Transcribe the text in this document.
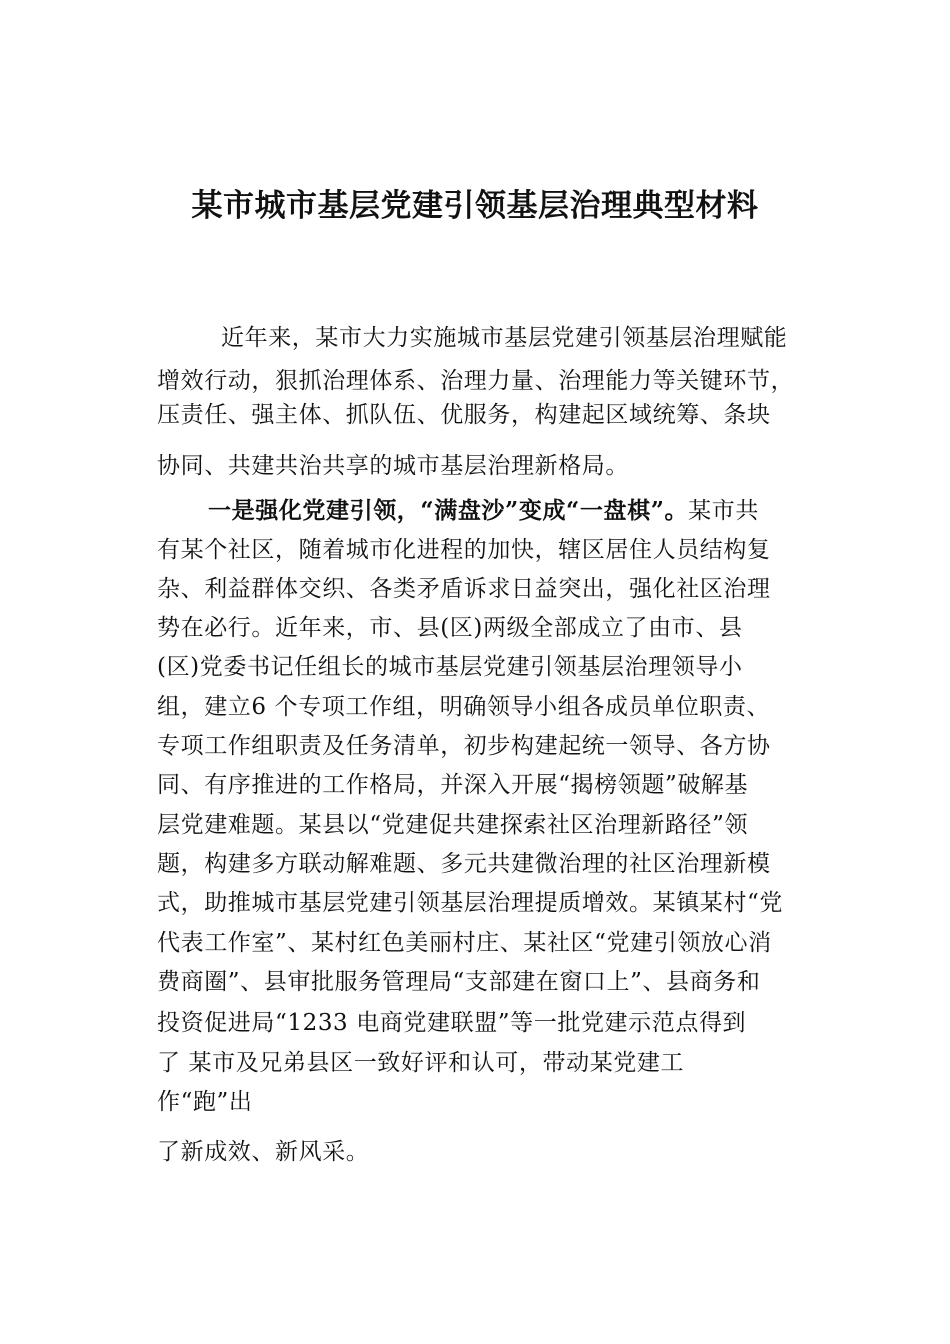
某市城市基层党建引领基层治理典型材料

近年来，某市大力实施城市基层党建引领基层治理赋能

增效行动，狠抓治理体系、治理力量、治理能力等关键环节，

压责任、强主体、抓队伍、优服务，构建起区域统筹、条块

协同、共建共治共享的城市基层治理新格局。

一是强化党建引领，“满盘沙”变成“一盘棋”。某市共

有某个社区，随着城市化进程的加快，辖区居住人员结构复

杂、利益群体交织、各类矛盾诉求日益突出，强化社区治理

势在必行。近年来，市、县(区)两级全部成立了由市、县

(区)党委书记任组长的城市基层党建引领基层治理领导小

组，建立6 个专项工作组，明确领导小组各成员单位职责、

专项工作组职责及任务清单，初步构建起统一领导、各方协

同、有序推进的工作格局，并深入开展“揭榜领题”破解基

层党建难题。某县以“党建促共建探索社区治理新路径”领

题，构建多方联动解难题、多元共建微治理的社区治理新模

式，助推城市基层党建引领基层治理提质增效。某镇某村“党

代表工作室”、某村红色美丽村庄、某社区“党建引领放心消

费商圈”、县审批服务管理局“支部建在窗口上”、县商务和

投资促进局“1233 电商党建联盟”等一批党建示范点得到

了 某市及兄弟县区一致好评和认可，带动某党建工

作“跑”出

了新成效、新风采。
